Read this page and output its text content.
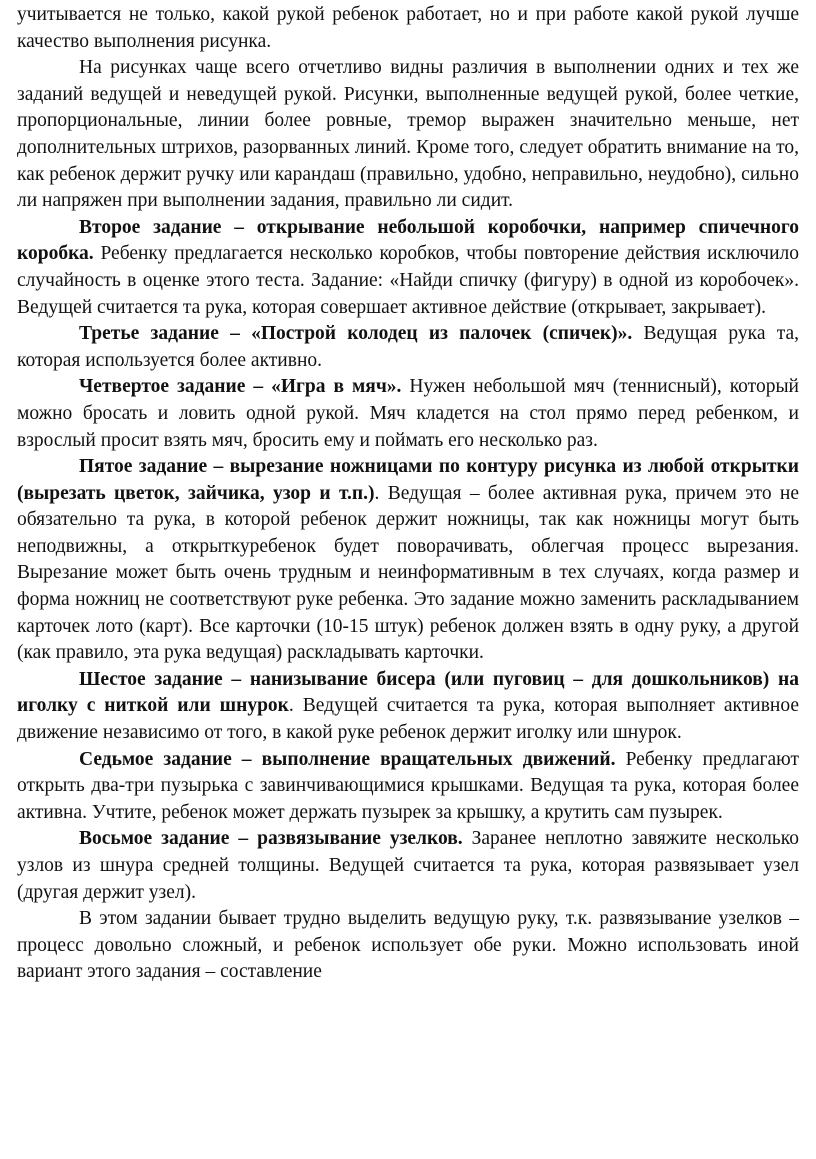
учитывается не только, какой рукой ребенок работает, но и при работе какой рукой лучше качество выполнения рисунка.

На рисунках чаще всего отчетливо видны различия в выполнении одних и тех же заданий ведущей и неведущей рукой. Рисунки, выполненные ведущей рукой, более четкие, пропорциональные, линии более ровные, тремор выражен значительно меньше, нет дополнительных штрихов, разорванных линий. Кроме того, следует обратить внимание на то, как ребенок держит ручку или карандаш (правильно, удобно, неправильно, неудобно), сильно ли напряжен при выполнении задания, правильно ли сидит.

Второе задание – открывание небольшой коробочки, например спичечного коробка. Ребенку предлагается несколько коробков, чтобы повторение действия исключило случайность в оценке этого теста. Задание: «Найди спичку (фигуру) в одной из коробочек». Ведущей считается та рука, которая совершает активное действие (открывает, закрывает).

Третье задание – «Построй колодец из палочек (спичек)». Ведущая рука та, которая используется более активно.

Четвертое задание – «Игра в мяч». Нужен небольшой мяч (теннисный), который можно бросать и ловить одной рукой. Мяч кладется на стол прямо перед ребенком, и взрослый просит взять мяч, бросить ему и поймать его несколько раз.

Пятое задание – вырезание ножницами по контуру рисунка из любой открытки (вырезать цветок, зайчика, узор и т.п.). Ведущая – более активная рука, причем это не обязательно та рука, в которой ребенок держит ножницы, так как ножницы могут быть неподвижны, а открыткуребенок будет поворачивать, облегчая процесс вырезания. Вырезание может быть очень трудным и неинформативным в тех случаях, когда размер и форма ножниц не соответствуют руке ребенка. Это задание можно заменить раскладыванием карточек лото (карт). Все карточки (10-15 штук) ребенок должен взять в одну руку, а другой (как правило, эта рука ведущая) раскладывать карточки.

Шестое задание – нанизывание бисера (или пуговиц – для дошкольников) на иголку с ниткой или шнурок. Ведущей считается та рука, которая выполняет активное движение независимо от того, в какой руке ребенок держит иголку или шнурок.

Седьмое задание – выполнение вращательных движений. Ребенку предлагают открыть два-три пузырька с завинчивающимися крышками. Ведущая та рука, которая более активна. Учтите, ребенок может держать пузырек за крышку, а крутить сам пузырек.

Восьмое задание – развязывание узелков. Заранее неплотно завяжите несколько узлов из шнура средней толщины. Ведущей считается та рука, которая развязывает узел (другая держит узел).

В этом задании бывает трудно выделить ведущую руку, т.к. развязывание узелков – процесс довольно сложный, и ребенок использует обе руки. Можно использовать иной вариант этого задания – составление
